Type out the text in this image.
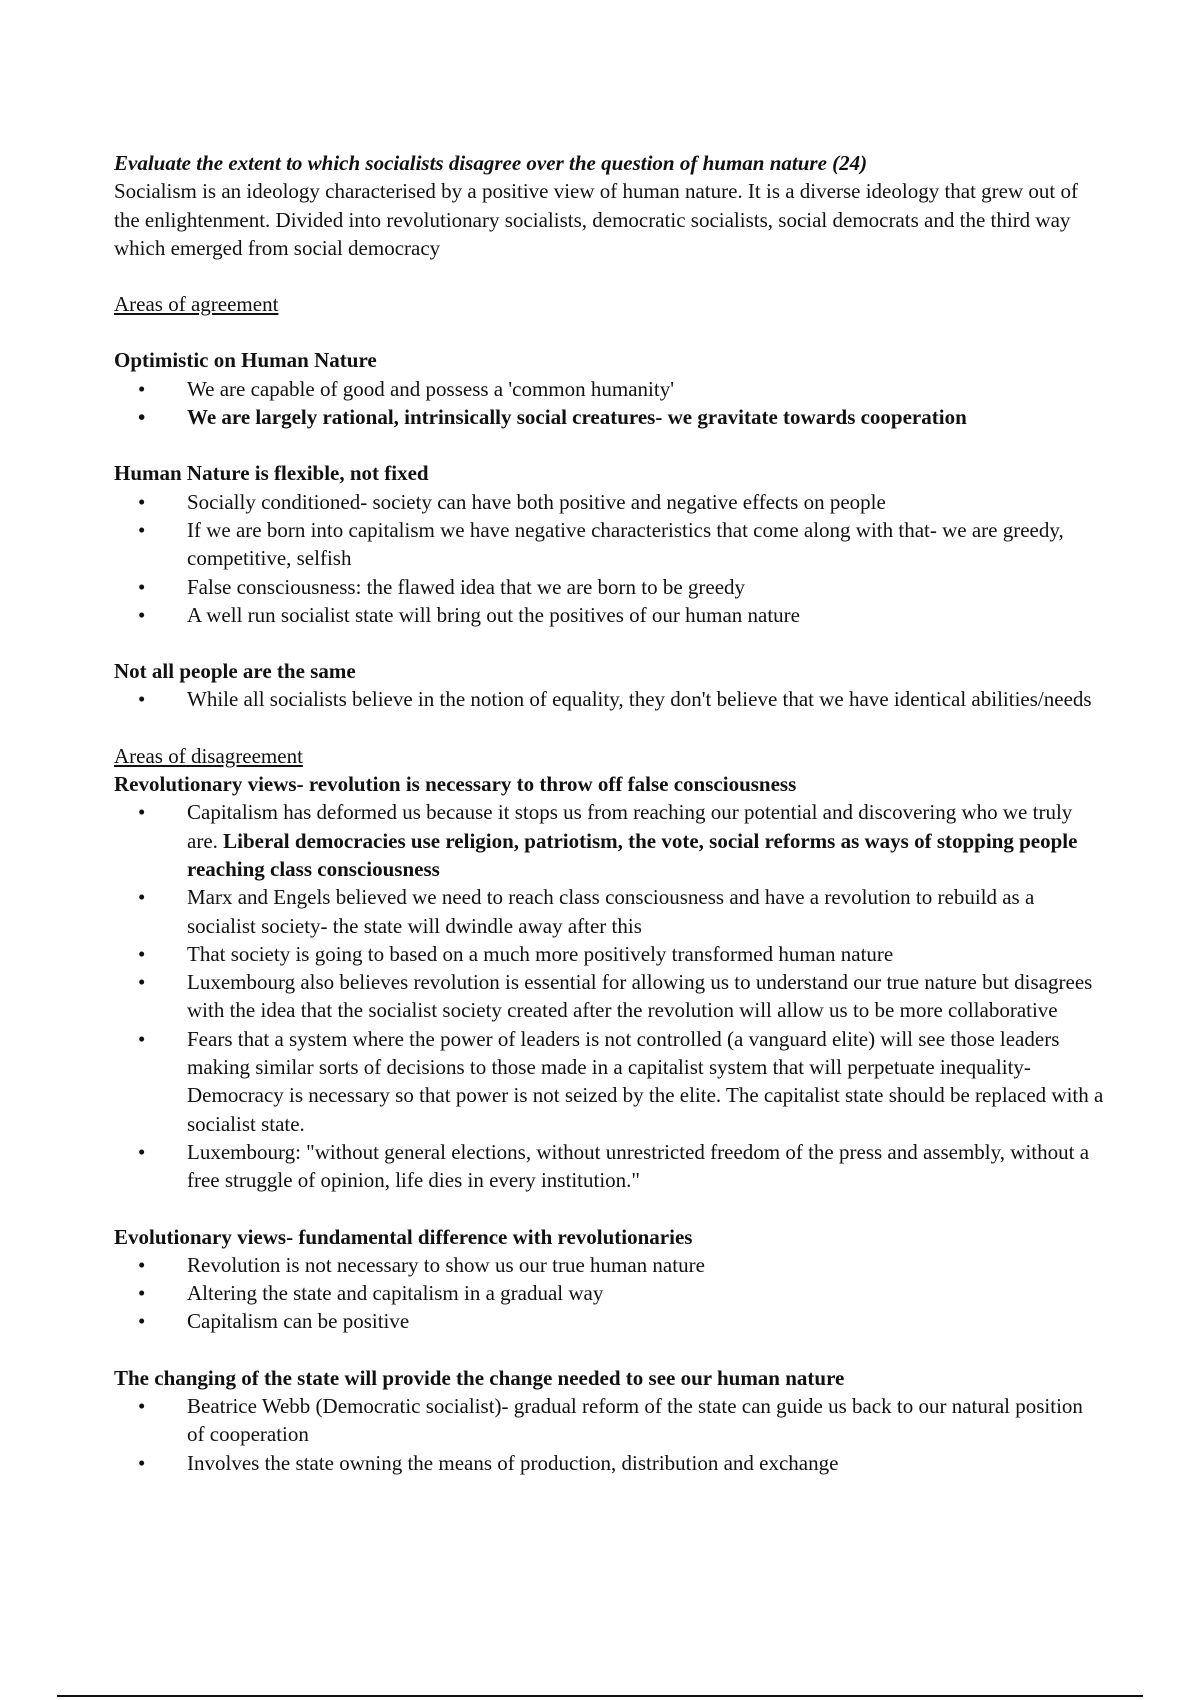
Evaluate the extent to which socialists disagree over the question of human nature (24)

Socialism is an ideology characterised by a positive view of human nature. It is a diverse ideology that grew out of the enlightenment. Divided into revolutionary socialists, democratic socialists, social democrats and the third way which emerged from social democracy

Areas of agreement

Optimistic on Human Nature

• We are capable of good and possess a 'common humanity'
• We are largely rational, intrinsically social creatures- we gravitate towards cooperation

Human Nature is flexible, not fixed

• Socially conditioned- society can have both positive and negative effects on people
• If we are born into capitalism we have negative characteristics that come along with that- we are greedy, competitive, selfish
• False consciousness: the flawed idea that we are born to be greedy
• A well run socialist state will bring out the positives of our human nature

Not all people are the same

• While all socialists believe in the notion of equality, they don't believe that we have identical abilities/needs

Areas of disagreement

Revolutionary views- revolution is necessary to throw off false consciousness

• Capitalism has deformed us because it stops us from reaching our potential and discovering who we truly are. Liberal democracies use religion, patriotism, the vote, social reforms as ways of stopping people reaching class consciousness
• Marx and Engels believed we need to reach class consciousness and have a revolution to rebuild as a socialist society- the state will dwindle away after this
• That society is going to based on a much more positively transformed human nature
• Luxembourg also believes revolution is essential for allowing us to understand our true nature but disagrees with the idea that the socialist society created after the revolution will allow us to be more collaborative
• Fears that a system where the power of leaders is not controlled (a vanguard elite) will see those leaders making similar sorts of decisions to those made in a capitalist system that will perpetuate inequality- Democracy is necessary so that power is not seized by the elite. The capitalist state should be replaced with a socialist state.
• Luxembourg: "without general elections, without unrestricted freedom of the press and assembly, without a free struggle of opinion, life dies in every institution."

Evolutionary views- fundamental difference with revolutionaries

• Revolution is not necessary to show us our true human nature
• Altering the state and capitalism in a gradual way
• Capitalism can be positive

The changing of the state will provide the change needed to see our human nature

• Beatrice Webb (Democratic socialist)- gradual reform of the state can guide us back to our natural position of cooperation
• Involves the state owning the means of production, distribution and exchange
